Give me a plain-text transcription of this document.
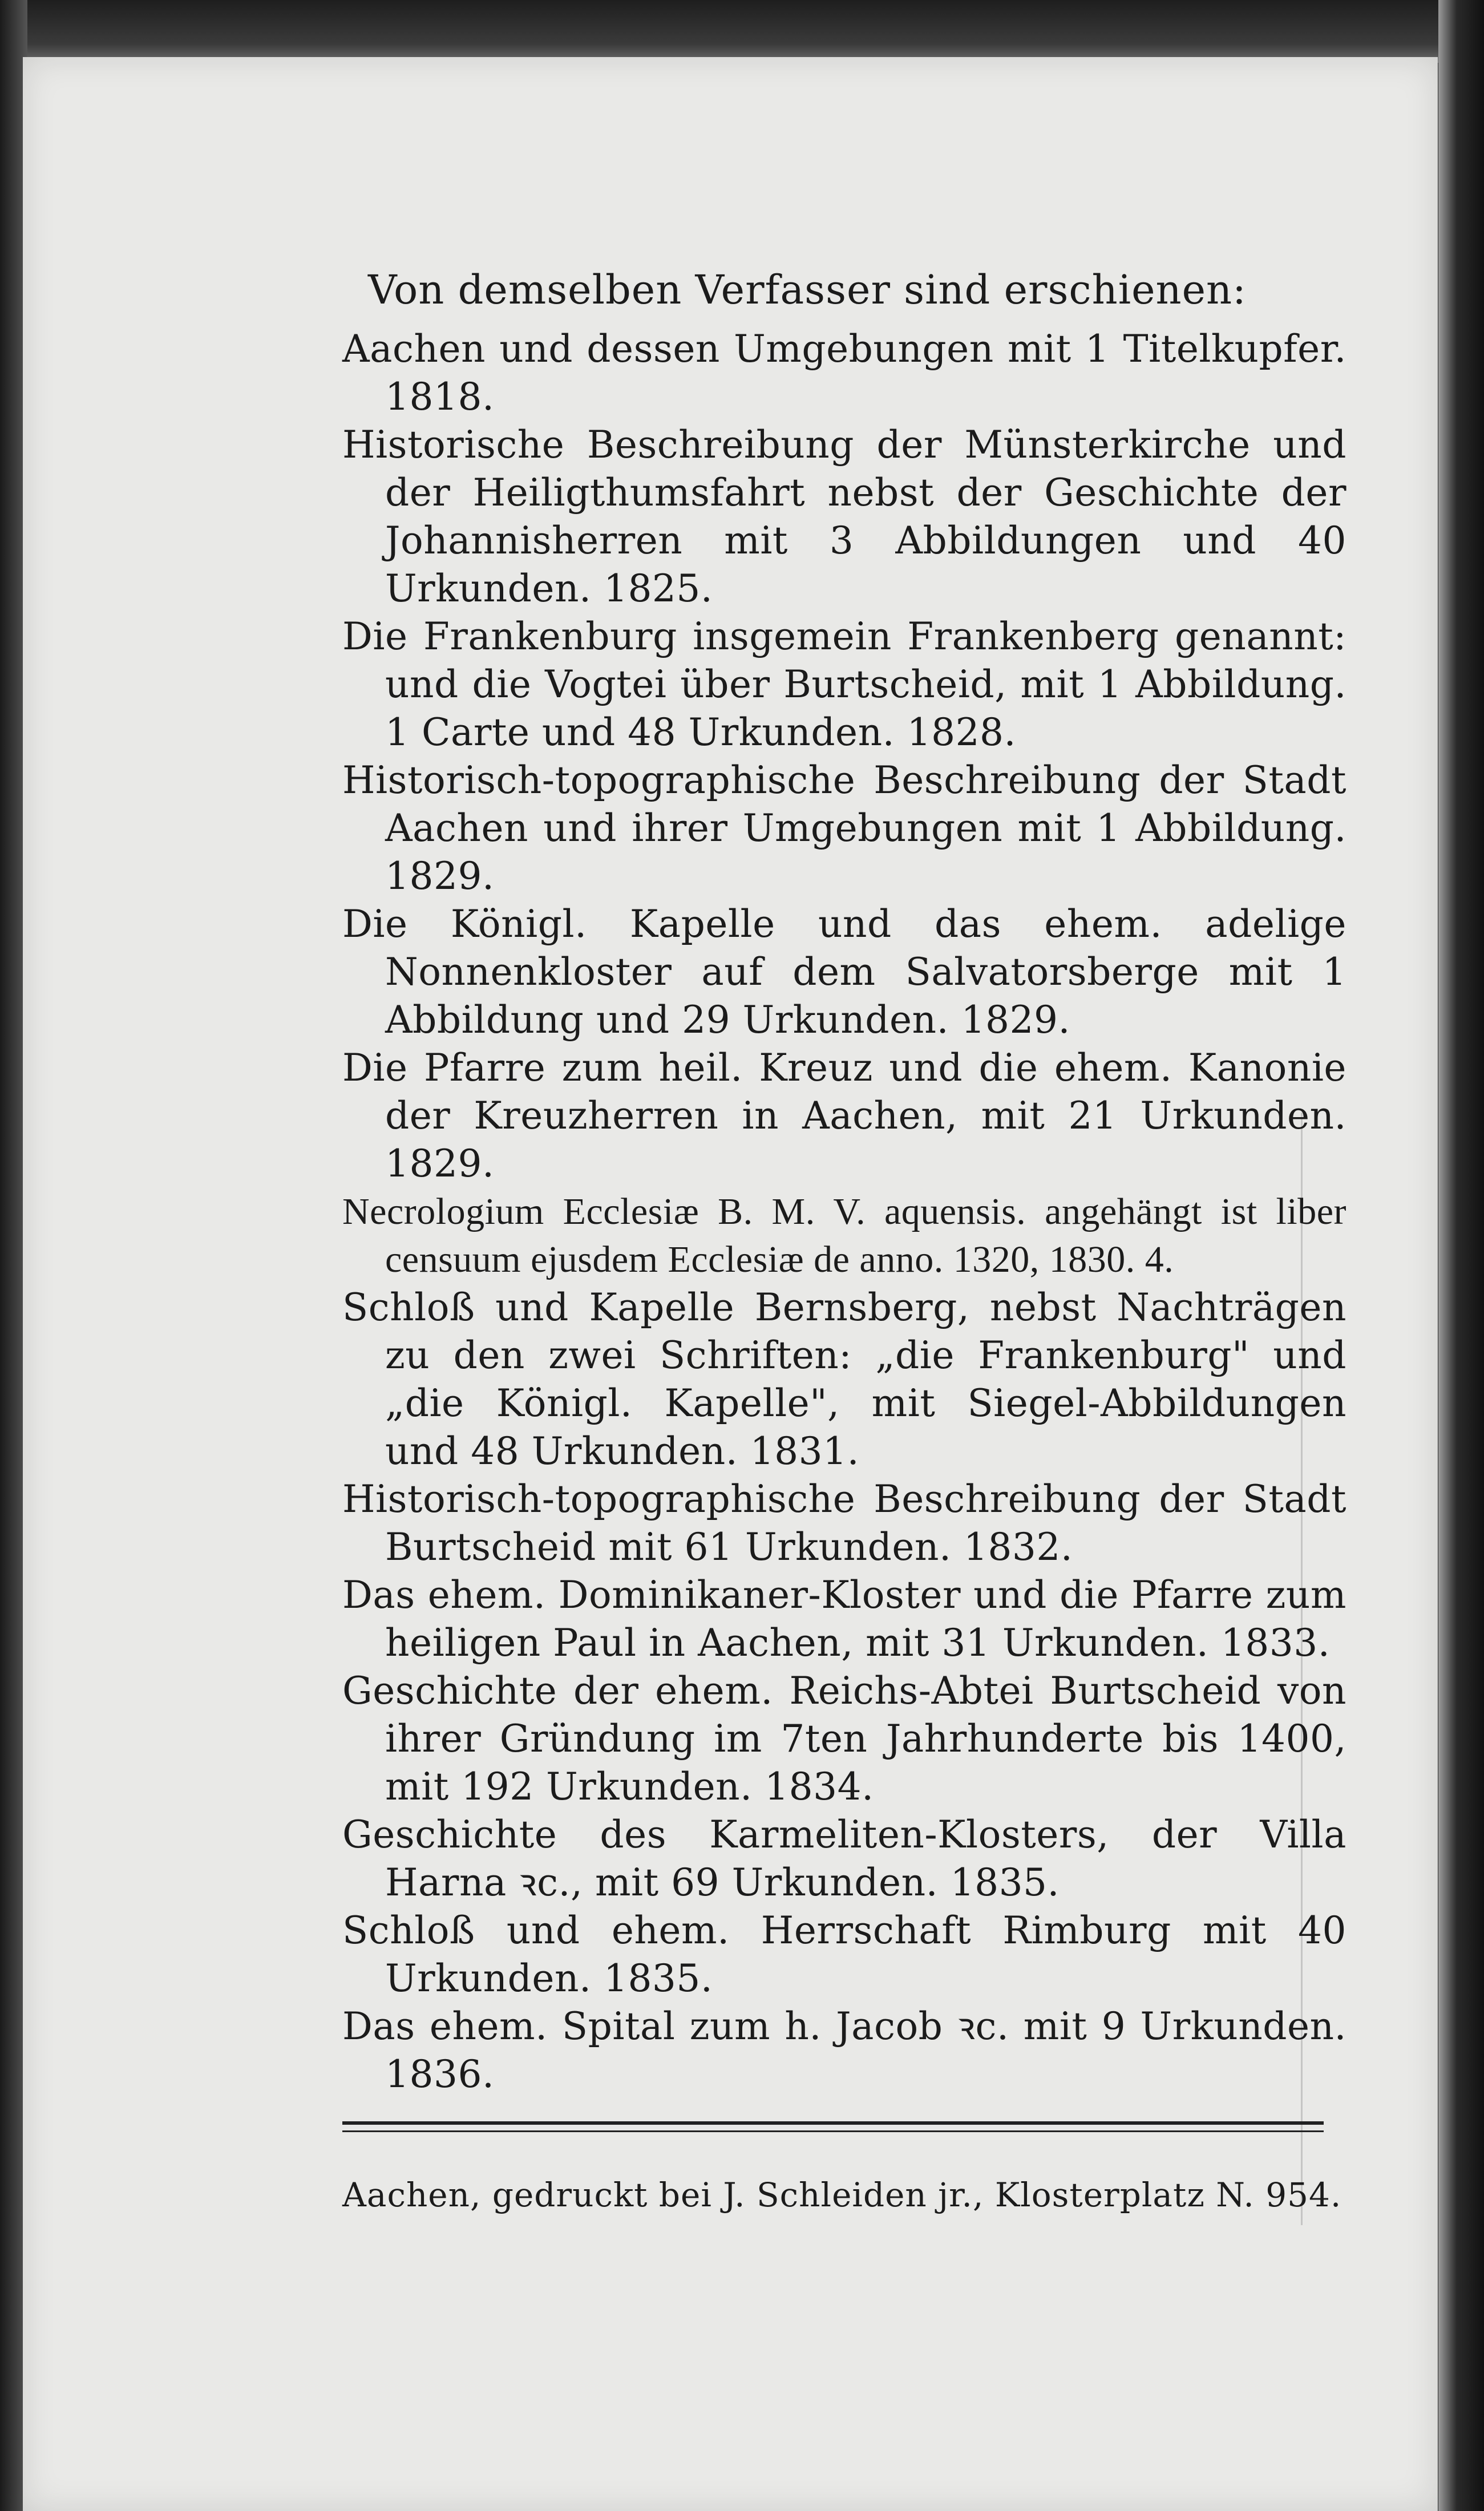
Von demselben Verfasser sind erschienen:
Aachen und dessen Umgebungen mit 1 Titelkupfer. 1818.
Historische Beschreibung der Münsterkirche und der Heiligthumsfahrt nebst der Geschichte der Johannisherren mit 3 Abbildungen und 40 Urkunden. 1825.
Die Frankenburg insgemein Frankenberg genannt: und die Vogtei über Burtscheid, mit 1 Abbildung. 1 Carte und 48 Urkunden. 1828.
Historisch-topographische Beschreibung der Stadt Aachen und ihrer Umgebungen mit 1 Abbildung. 1829.
Die Königl. Kapelle und das ehem. adelige Nonnenkloster auf dem Salvatorsberge mit 1 Abbildung und 29 Urkunden. 1829.
Die Pfarre zum heil. Kreuz und die ehem. Kanonie der Kreuzherren in Aachen, mit 21 Urkunden. 1829.
Necrologium Ecclesiæ B. M. V. aquensis. angehängt ist liber censuum ejusdem Ecclesiæ de anno. 1320, 1830. 4.
Schloß und Kapelle Bernsberg, nebst Nachträgen zu den zwei Schriften: „die Frankenburg" und „die Königl. Kapelle", mit Siegel-Abbildungen und 48 Urkunden. 1831.
Historisch-topographische Beschreibung der Stadt Burtscheid mit 61 Urkunden. 1832.
Das ehem. Dominikaner-Kloster und die Pfarre zum heiligen Paul in Aachen, mit 31 Urkunden. 1833.
Geschichte der ehem. Reichs-Abtei Burtscheid von ihrer Gründung im 7ten Jahrhunderte bis 1400, mit 192 Urkunden. 1834.
Geschichte des Karmeliten-Klosters, der Villa Harna ꝛc., mit 69 Urkunden. 1835.
Schloß und ehem. Herrschaft Rimburg mit 40 Urkunden. 1835.
Das ehem. Spital zum h. Jacob ꝛc. mit 9 Urkunden. 1836.
Aachen, gedruckt bei J. Schleiden jr., Klosterplatz N. 954.
